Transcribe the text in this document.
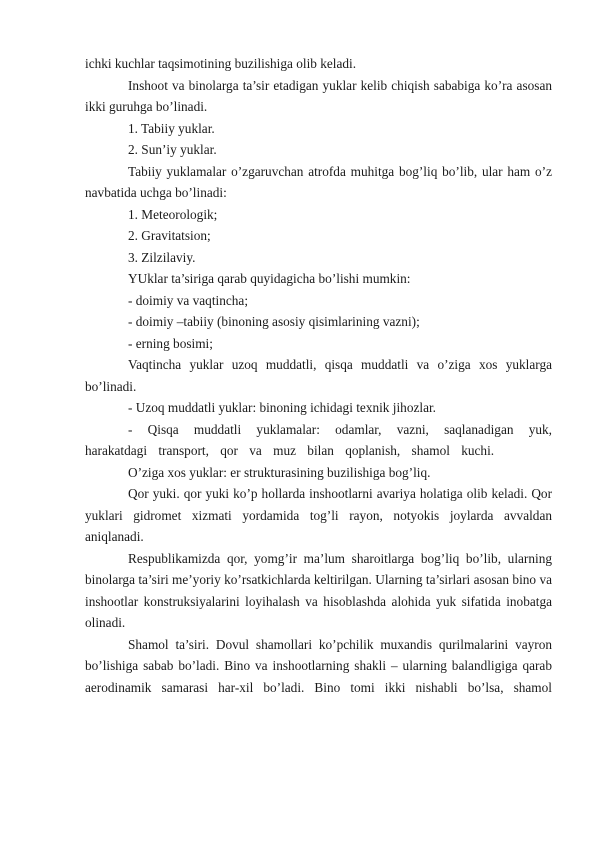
ichki kuchlar taqsimotining buzilishiga olib keladi.

Inshoot va binolarga ta’sir etadigan yuklar kelib chiqish sababiga ko’ra asosan ikki guruhga bo’linadi.

1. Tabiiy yuklar.

2. Sun’iy yuklar.

Tabiiy yuklamalar o’zgaruvchan atrofda muhitga bog’liq bo’lib, ular ham o’z navbatida uchga bo’linadi:

1. Meteorologik;

2. Gravitatsion;

3. Zilzilaviy.

YUklar ta’siriga qarab quyidagicha bo’lishi mumkin:

- doimiy va vaqtincha;

- doimiy –tabiiy (binoning asosiy qisimlarining vazni);

- erning bosimi;

Vaqtincha yuklar uzoq muddatli, qisqa muddatli va o’ziga xos yuklarga bo’linadi.

- Uzoq muddatli yuklar: binoning ichidagi texnik jihozlar.

- Qisqa muddatli yuklamalar: odamlar, vazni, saqlanadigan yuk, harakatdagi transport, qor va muz bilan qoplanish, shamol kuchi.

O’ziga xos yuklar: er strukturasining buzilishiga bog’liq.

Qor yuki. qor yuki ko’p hollarda inshootlarni avariya holatiga olib keladi. Qor yuklari gidromet xizmati yordamida tog’li rayon, notyokis joylarda avvaldan aniqlanadi.

Respublikamizda qor, yomg’ir ma’lum sharoitlarga bog’liq bo’lib, ularning binolarga ta’siri me’yoriy ko’rsatkichlarda keltirilgan. Ularning ta’sirlari asosan bino va inshootlar konstruksiyalarini loyihalash va hisoblashda alohida yuk sifatida inobatga olinadi.

Shamol ta’siri. Dovul shamollari ko’pchilik muxandis qurilmalarini vayron bo’lishiga sabab bo’ladi. Bino va inshootlarning shakli – ularning balandligiga qarab aerodinamik samarasi har-xil bo’ladi. Bino tomi ikki nishabli bo’lsa, shamol
